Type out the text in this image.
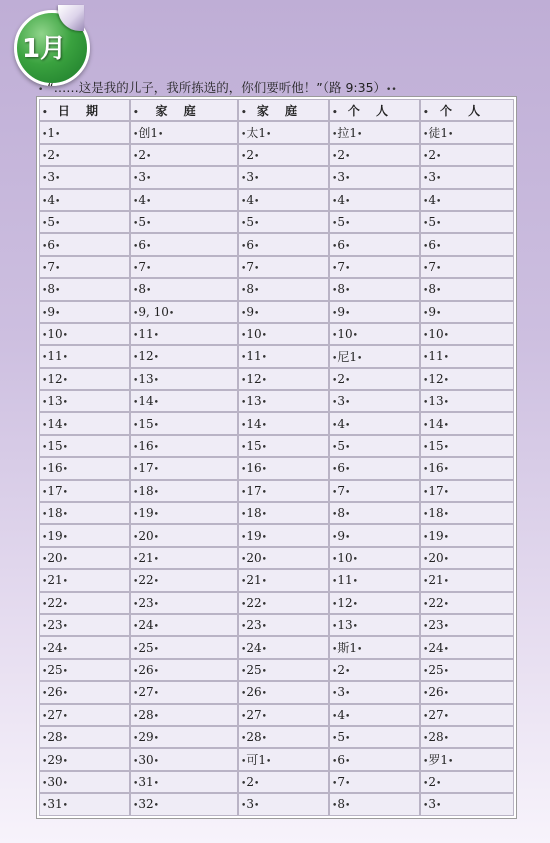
1月
• “……这是我的儿子，我所拣选的，你们要听他！”（路 9:35）••
• 日 期	• 家 庭	• 家 庭	• 个 人	• 个 人
•1•	•创1•	•太1•	•拉1•	•徒1•
•2•	•2•	•2•	•2•	•2•
•3•	•3•	•3•	•3•	•3•
•4•	•4•	•4•	•4•	•4•
•5•	•5•	•5•	•5•	•5•
•6•	•6•	•6•	•6•	•6•
•7•	•7•	•7•	•7•	•7•
•8•	•8•	•8•	•8•	•8•
•9•	•9, 10•	•9•	•9•	•9•
•10•	•11•	•10•	•10•	•10•
•11•	•12•	•11•	•尼1•	•11•
•12•	•13•	•12•	•2•	•12•
•13•	•14•	•13•	•3•	•13•
•14•	•15•	•14•	•4•	•14•
•15•	•16•	•15•	•5•	•15•
•16•	•17•	•16•	•6•	•16•
•17•	•18•	•17•	•7•	•17•
•18•	•19•	•18•	•8•	•18•
•19•	•20•	•19•	•9•	•19•
•20•	•21•	•20•	•10•	•20•
•21•	•22•	•21•	•11•	•21•
•22•	•23•	•22•	•12•	•22•
•23•	•24•	•23•	•13•	•23•
•24•	•25•	•24•	•斯1•	•24•
•25•	•26•	•25•	•2•	•25•
•26•	•27•	•26•	•3•	•26•
•27•	•28•	•27•	•4•	•27•
•28•	•29•	•28•	•5•	•28•
•29•	•30•	•可1•	•6•	•罗1•
•30•	•31•	•2•	•7•	•2•
•31•	•32•	•3•	•8•	•3•
